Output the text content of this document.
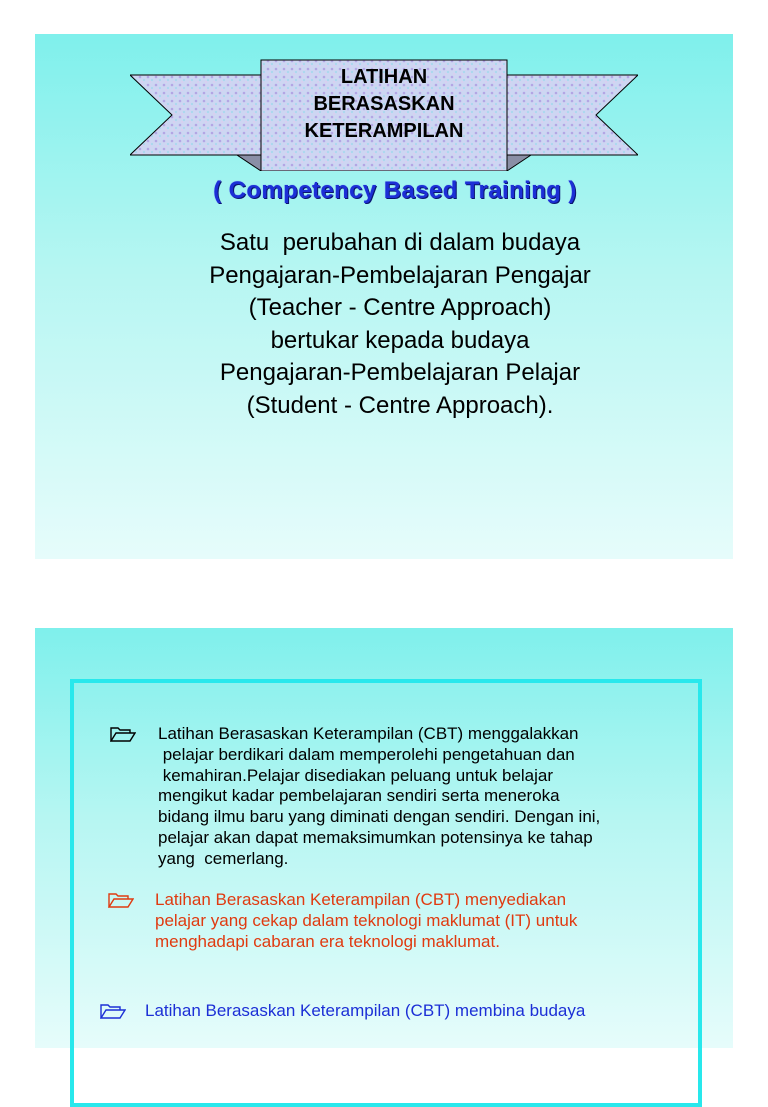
LATIHAN
BERASASKAN
KETERAMPILAN
( Competency Based Training )
Satu  perubahan di dalam budaya
Pengajaran-Pembelajaran Pengajar
(Teacher - Centre Approach)
bertukar kepada budaya
Pengajaran-Pembelajaran Pelajar
(Student - Centre Approach).
Latihan Berasaskan Keterampilan (CBT) menggalakkan
pelajar berdikari dalam memperolehi pengetahuan dan
kemahiran.Pelajar disediakan peluang untuk belajar
mengikut kadar pembelajaran sendiri serta meneroka
bidang ilmu baru yang diminati dengan sendiri. Dengan ini,
pelajar akan dapat memaksimumkan potensinya ke tahap
yang  cemerlang.
Latihan Berasaskan Keterampilan (CBT) menyediakan
pelajar yang cekap dalam teknologi maklumat (IT) untuk
menghadapi cabaran era teknologi maklumat.
Latihan Berasaskan Keterampilan (CBT) membina budaya
